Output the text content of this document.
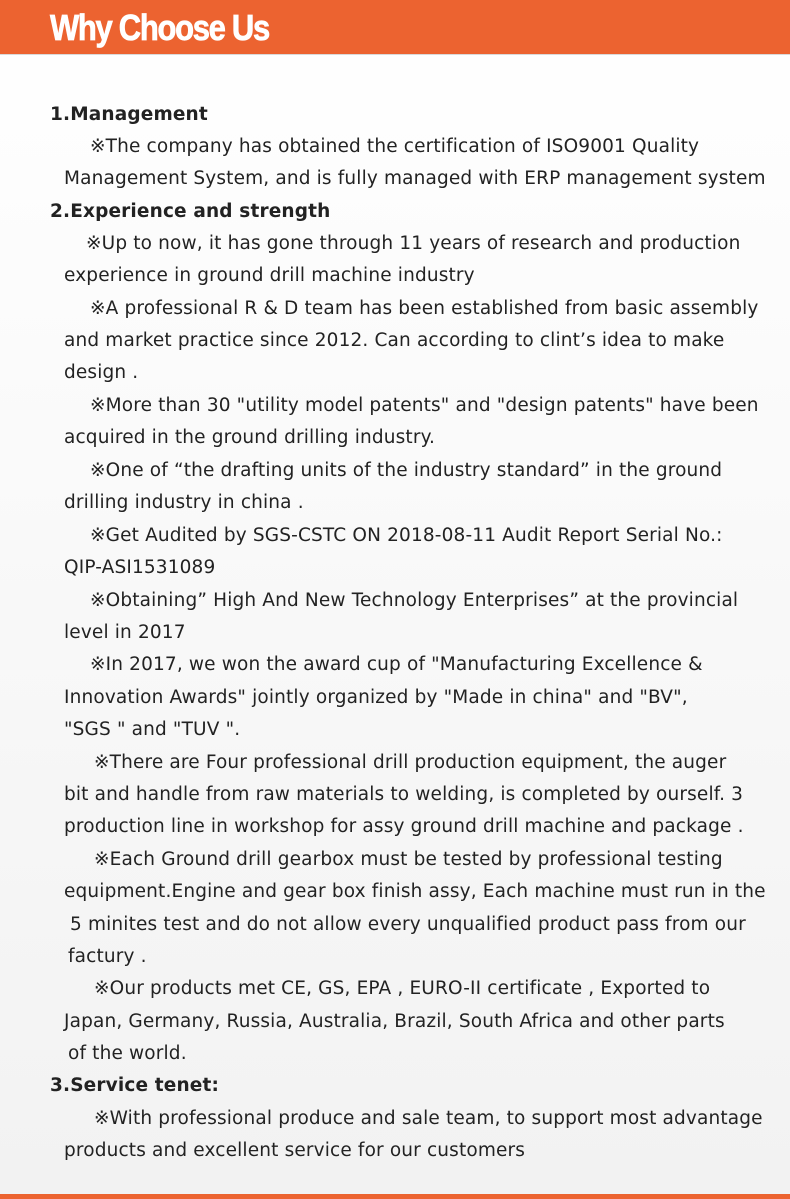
Why Choose Us
1.Management
※The company has obtained the certification of ISO9001 Quality
Management System, and is fully managed with ERP management system
2.Experience and strength
※Up to now, it has gone through 11 years of research and production
experience in ground drill machine industry
※A professional R & D team has been established from basic assembly
and market practice since 2012. Can according to clint’s idea to make
design .
※More than 30 "utility model patents" and "design patents" have been
acquired in the ground drilling industry.
※One of “the drafting units of the industry standard” in the ground
drilling industry in china .
※Get Audited by SGS-CSTC ON 2018-08-11 Audit Report Serial No.:
QIP-ASI1531089
※Obtaining” High And New Technology Enterprises” at the provincial
level in 2017
※In 2017, we won the award cup of "Manufacturing Excellence &
Innovation Awards" jointly organized by "Made in china" and "BV",
"SGS " and "TUV ".
※There are Four professional drill production equipment, the auger
bit and handle from raw materials to welding, is completed by ourself. 3
production line in workshop for assy ground drill machine and package .
※Each Ground drill gearbox must be tested by professional testing
equipment.Engine and gear box finish assy, Each machine must run in the
5 minites test and do not allow every unqualified product pass from our
factury .
※Our products met CE, GS, EPA , EURO-II certificate , Exported to
Japan, Germany, Russia, Australia, Brazil, South Africa and other parts
of the world.
3.Service tenet:
※With professional produce and sale team, to support most advantage
products and excellent service for our customers
